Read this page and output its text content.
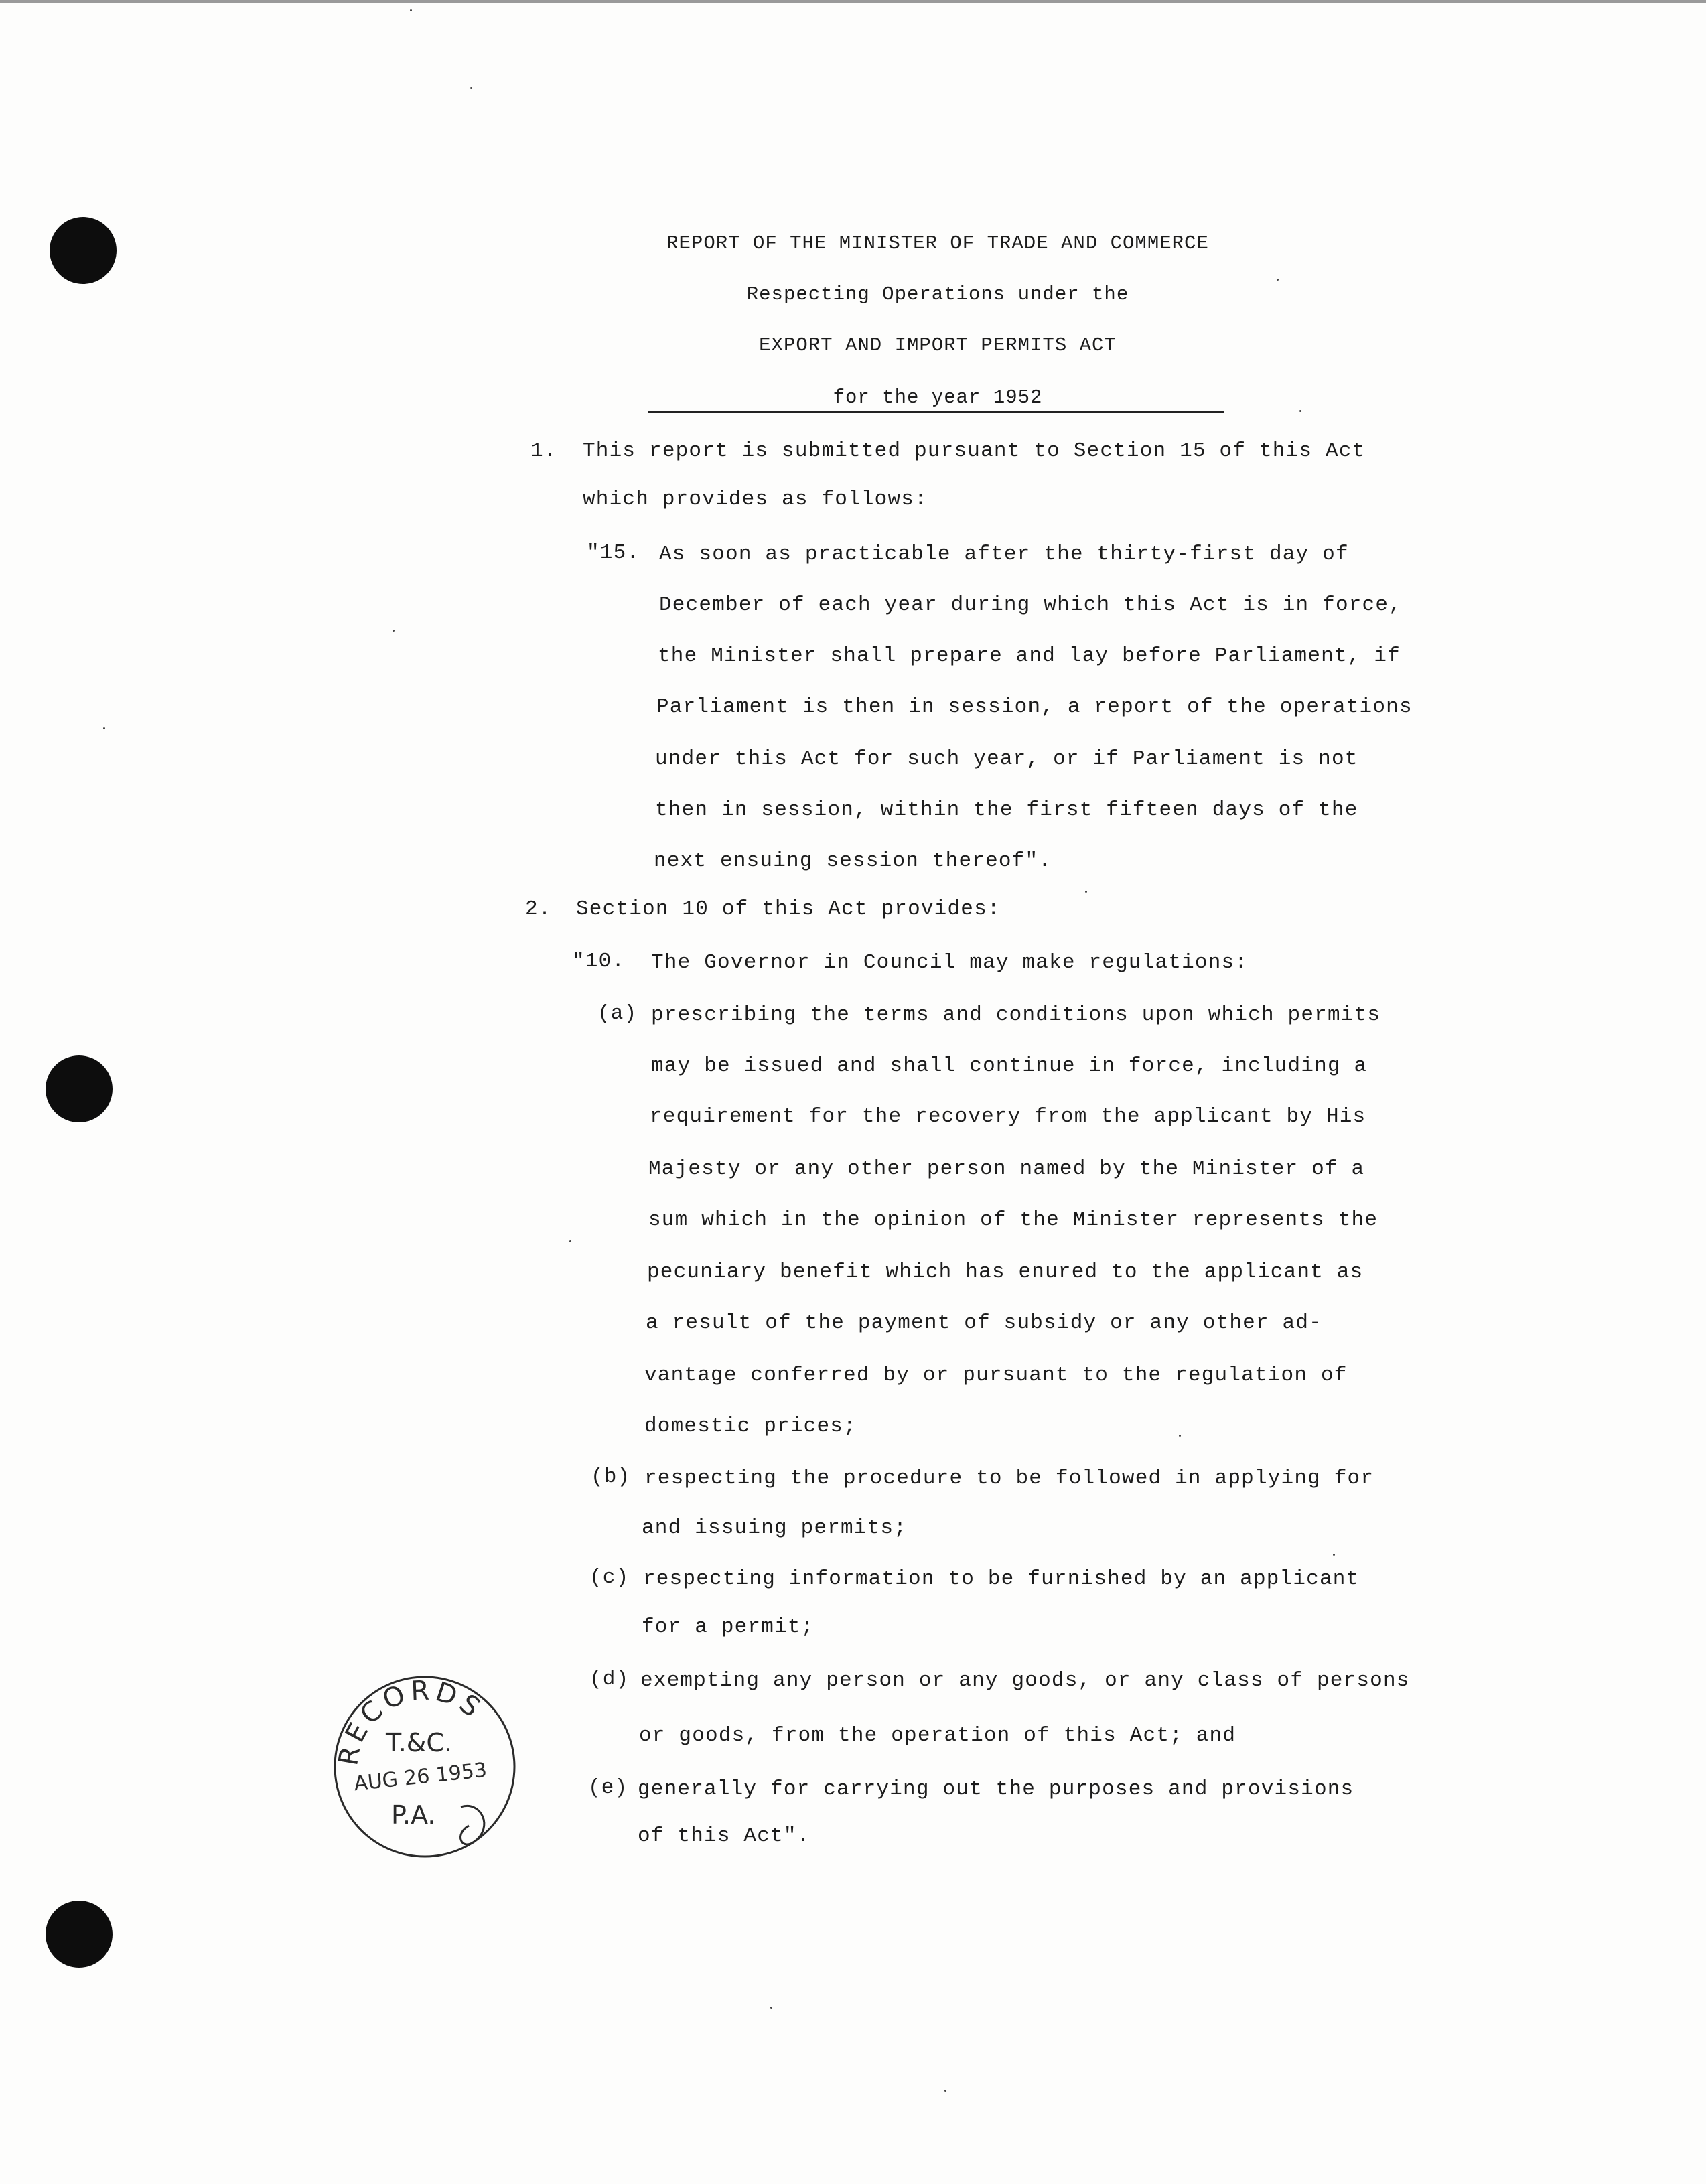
REPORT OF THE MINISTER OF TRADE AND COMMERCE
Respecting Operations under the
EXPORT AND IMPORT PERMITS ACT
for the year 1952
1. This report is submitted pursuant to Section 15 of this Act
which provides as follows:
"15. As soon as practicable after the thirty-first day of
December of each year during which this Act is in force,
the Minister shall prepare and lay before Parliament, if
Parliament is then in session, a report of the operations
under this Act for such year, or if Parliament is not
then in session, within the first fifteen days of the
next ensuing session thereof".
2. Section 10 of this Act provides:
"10. The Governor in Council may make regulations:
(a) prescribing the terms and conditions upon which permits
may be issued and shall continue in force, including a
requirement for the recovery from the applicant by His
Majesty or any other person named by the Minister of a
sum which in the opinion of the Minister represents the
pecuniary benefit which has enured to the applicant as
a result of the payment of subsidy or any other ad-
vantage conferred by or pursuant to the regulation of
domestic prices;
(b) respecting the procedure to be followed in applying for
and issuing permits;
(c) respecting information to be furnished by an applicant
for a permit;
(d) exempting any person or any goods, or any class of persons
or goods, from the operation of this Act; and
(e) generally for carrying out the purposes and provisions
of this Act".
RECORDS
T.&C.
AUG 26 1953
P.A.
